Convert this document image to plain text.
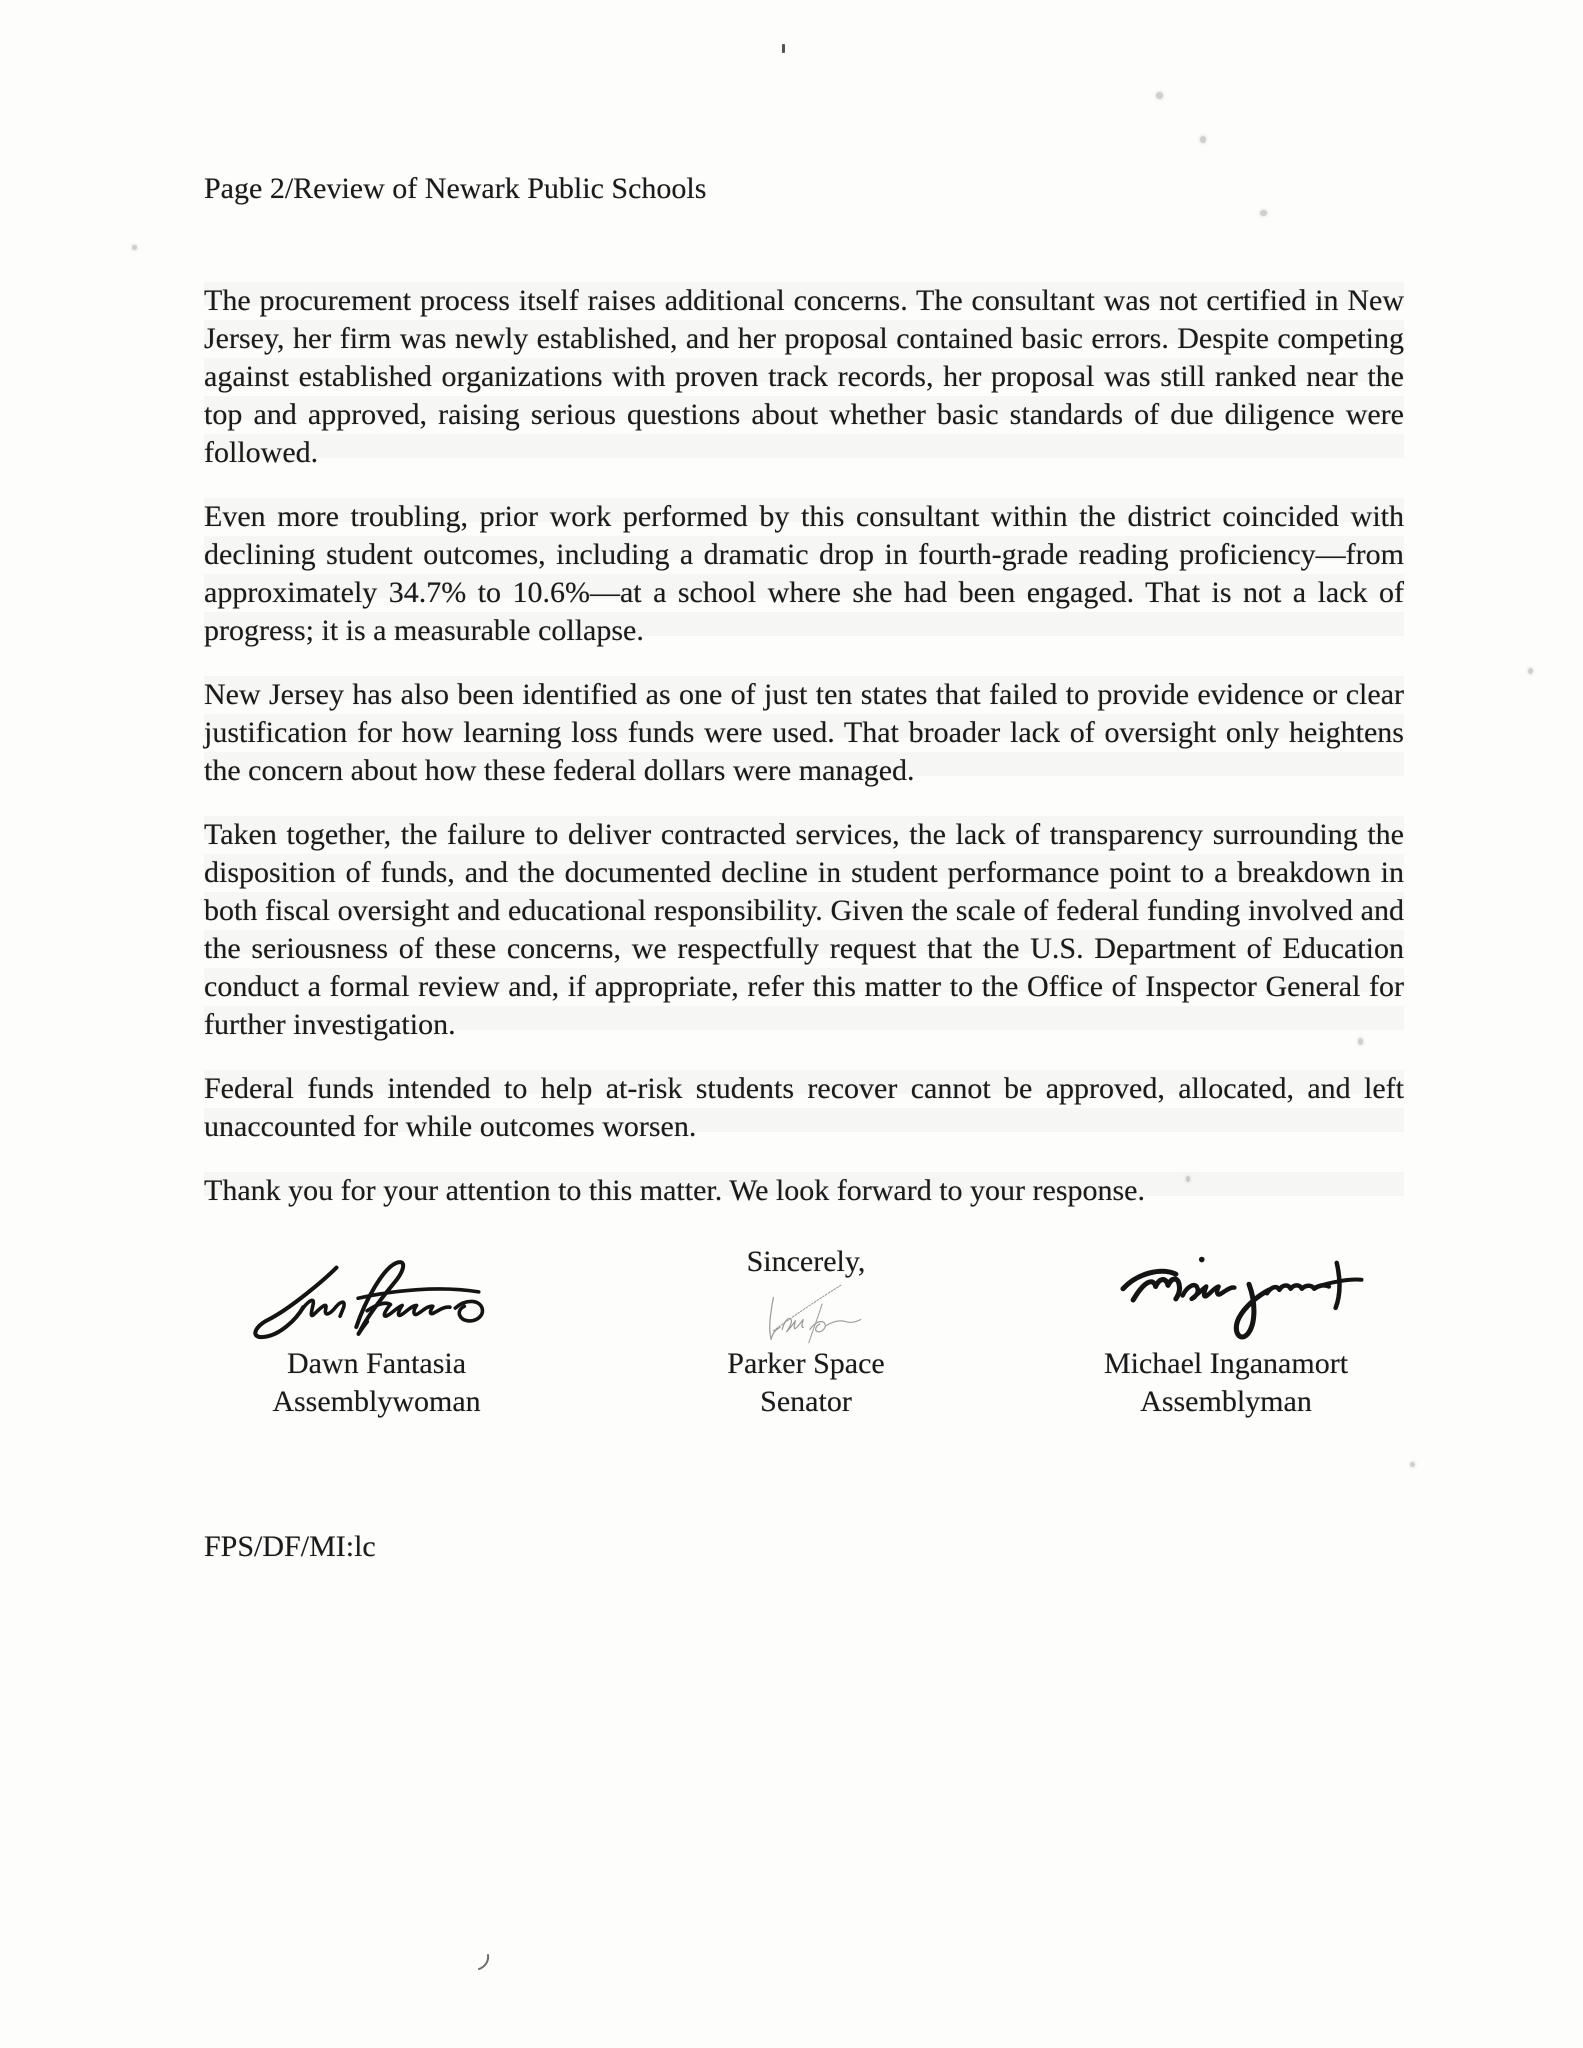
Page 2/Review of Newark Public Schools

The procurement process itself raises additional concerns. The consultant was not certified in New Jersey, her firm was newly established, and her proposal contained basic errors. Despite competing against established organizations with proven track records, her proposal was still ranked near the top and approved, raising serious questions about whether basic standards of due diligence were followed.

Even more troubling, prior work performed by this consultant within the district coincided with declining student outcomes, including a dramatic drop in fourth-grade reading proficiency—from approximately 34.7% to 10.6%—at a school where she had been engaged. That is not a lack of progress; it is a measurable collapse.

New Jersey has also been identified as one of just ten states that failed to provide evidence or clear justification for how learning loss funds were used. That broader lack of oversight only heightens the concern about how these federal dollars were managed.

Taken together, the failure to deliver contracted services, the lack of transparency surrounding the disposition of funds, and the documented decline in student performance point to a breakdown in both fiscal oversight and educational responsibility. Given the scale of federal funding involved and the seriousness of these concerns, we respectfully request that the U.S. Department of Education conduct a formal review and, if appropriate, refer this matter to the Office of Inspector General for further investigation.

Federal funds intended to help at-risk students recover cannot be approved, allocated, and left unaccounted for while outcomes worsen.

Thank you for your attention to this matter. We look forward to your response.

Dawn Fantasia
Assemblywoman
Sincerely,
Parker Space
Senator
Michael Inganamort
Assemblyman
FPS/DF/MI:lc
